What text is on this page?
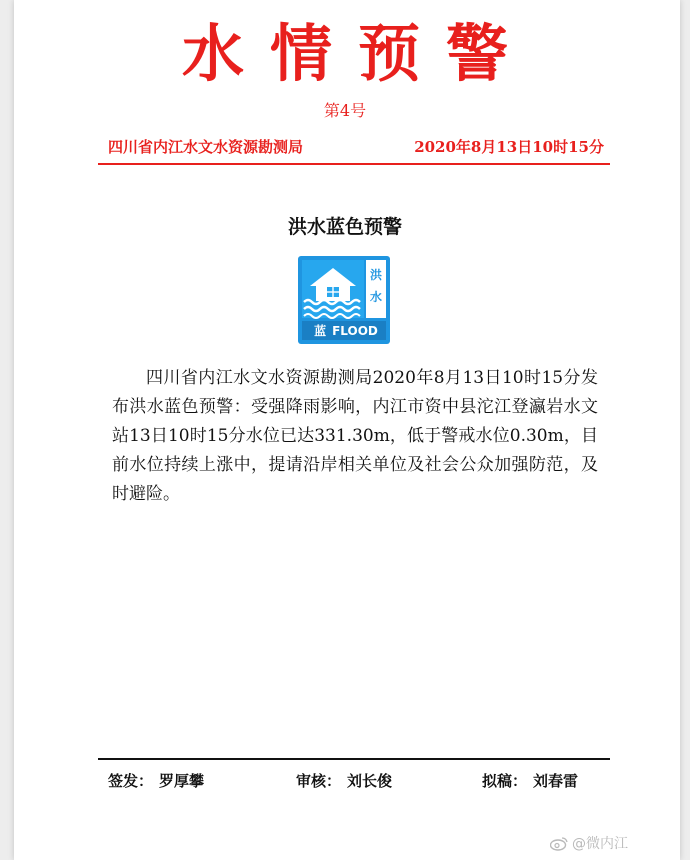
水情预警
第4号
四川省内江水文水资源勘测局	2020年8月13日10时15分
洪水蓝色预警
洪水
蓝 FLOOD
四川省内江水文水资源勘测局2020年8月13日10时15分发布洪水蓝色预警：受强降雨影响，内江市资中县沱江登瀛岩水文站13日10时15分水位已达331.30m，低于警戒水位0.30m，目前水位持续上涨中，提请沿岸相关单位及社会公众加强防范，及时避险。
签发： 罗厚攀	审核： 刘长俊	拟稿： 刘春雷
@微内江
